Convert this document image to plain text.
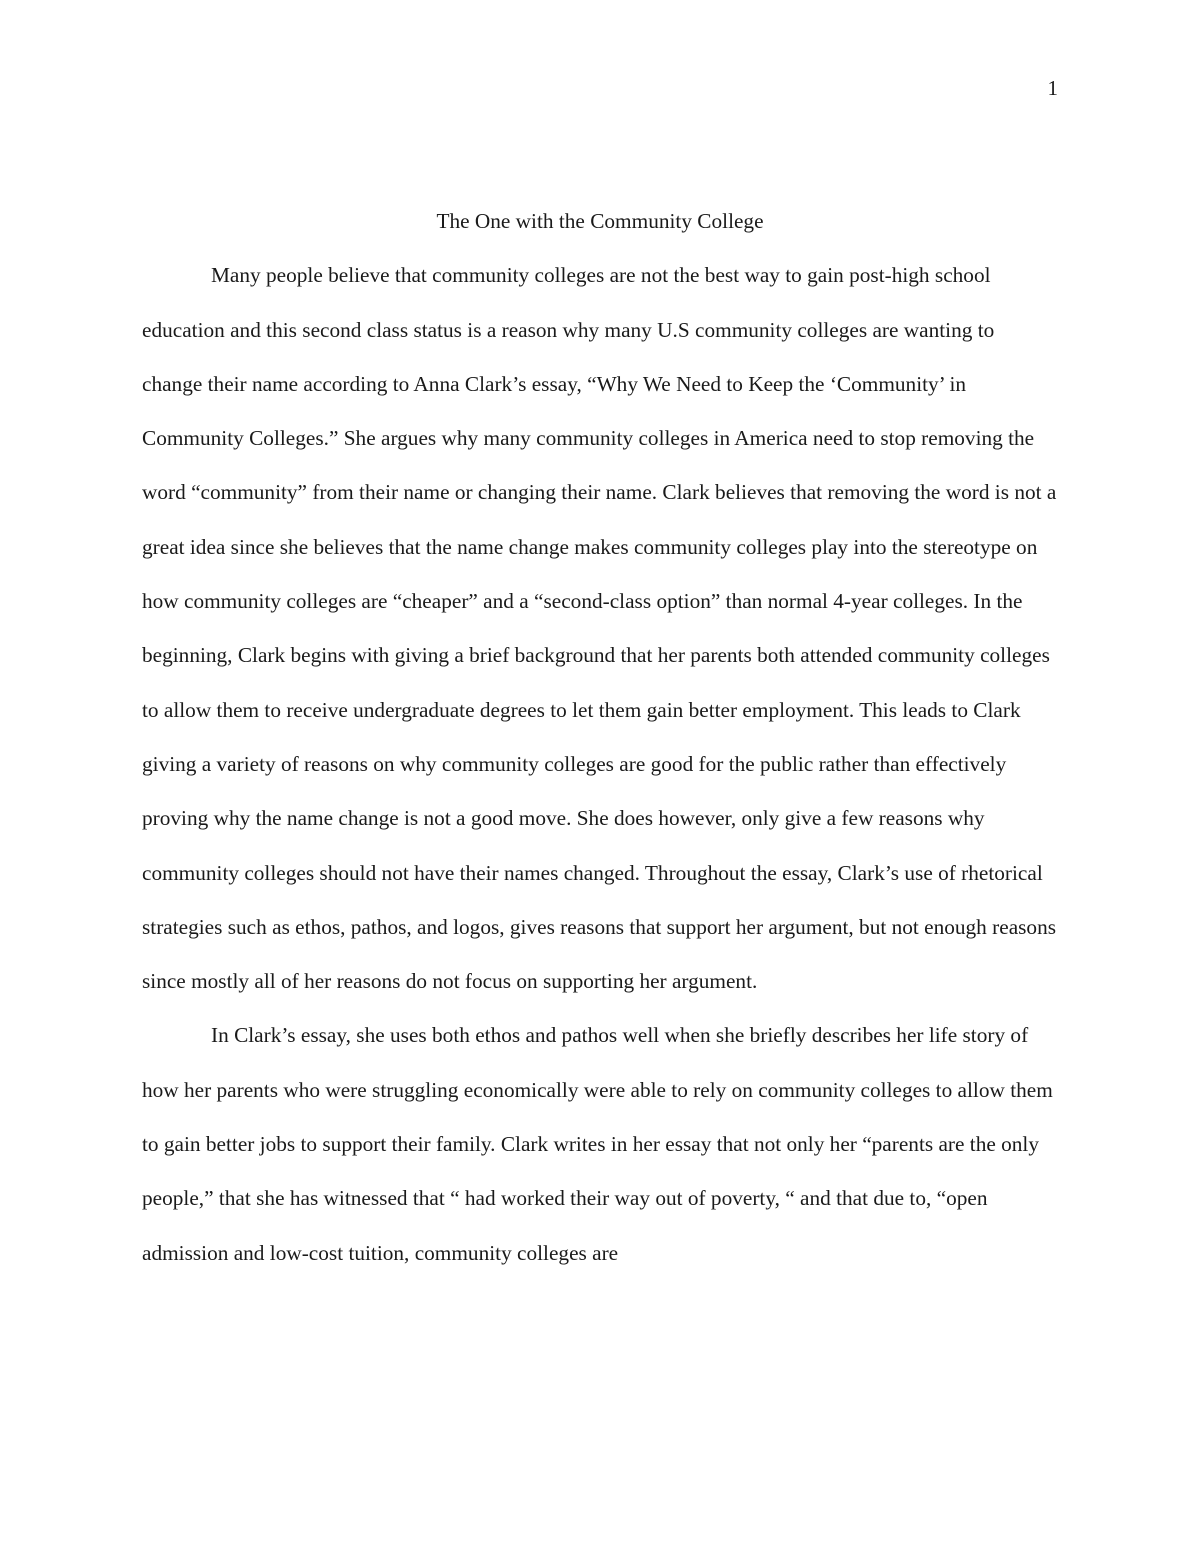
1
The One with the Community College

Many people believe that community colleges are not the best way to gain post-high school education and this second class status is a reason why many U.S community colleges are wanting to change their name according to Anna Clark’s essay, “Why We Need to Keep the ‘Community’ in Community Colleges.” She argues why many community colleges in America need to stop removing the word “community” from their name or changing their name. Clark believes that removing the word is not a great idea since she believes that the name change makes community colleges play into the stereotype on how community colleges are “cheaper” and a “second-class option” than normal 4-year colleges. In the beginning, Clark begins with giving a brief background that her parents both attended community colleges to allow them to receive undergraduate degrees to let them gain better employment. This leads to Clark giving a variety of reasons on why community colleges are good for the public rather than effectively proving why the name change is not a good move. She does however, only give a few reasons why community colleges should not have their names changed. Throughout the essay, Clark’s use of rhetorical strategies such as ethos, pathos, and logos, gives reasons that support her argument, but not enough reasons since mostly all of her reasons do not focus on supporting her argument.

In Clark’s essay, she uses both ethos and pathos well when she briefly describes her life story of how her parents who were struggling economically were able to rely on community colleges to allow them to gain better jobs to support their family. Clark writes in her essay that not only her “parents are the only people,” that she has witnessed that “ had worked their way out of poverty, “ and that due to, “open admission and low-cost tuition, community colleges are
